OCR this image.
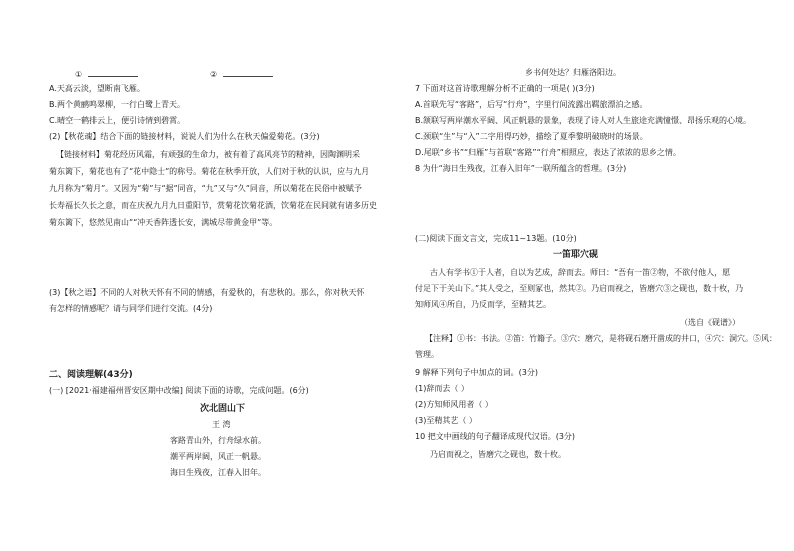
①	②
A.天高云淡，望断南飞雁。
B.两个黄鹂鸣翠柳，一行白鹭上青天。
C.晴空一鹤排云上，便引诗情到碧霄。
(2)【秋花魂】结合下面的链接材料，说说人们为什么在秋天偏爱菊花。(3分)
【链接材料】菊花经历风霜，有顽强的生命力，被有着了高风亮节的精神，因陶渊明采
菊东篱下，菊花也有了“花中隐士”的称号。菊花在秋季开放，人们对于秋的认识，应与九月
九月称为“菊月”。又因为“菊”与“据”同音，“九”又与“久”同音，所以菊花在民俗中被赋予
长寿福长久长之意，而在庆祝九月九日重阳节，赏菊花饮菊花酒，饮菊花在民间就有诸多历史
菊东篱下，悠然见南山”“冲天香阵透长安，满城尽带黄金甲”等。
(3)【秋之语】不同的人对秋天怀有不同的情感，有爱秋的，有悲秋的。那么，你对秋天怀
有怎样的情感呢？请与同学们进行交流。(4分)
二、阅读理解(43分)
(一) [2021·福建福州晋安区期中改编] 阅读下面的诗歌，完成问题。(6分)
次北固山下
王 湾
客路青山外，行舟绿水前。
潮平两岸阔，风正一帆悬。
海日生残夜，江春入旧年。
乡书何处达？归雁洛阳边。
7 下面对这首诗歌理解分析不正确的一项是( )(3分)
A.首联先写“客路”，后写“行舟”，字里行间流露出羁旅漂泊之感。
B.颔联写两岸潮水平阔、风正帆悬的景象，表现了诗人对人生旅途充满憧憬、昂扬乐观的心境。
C.颈联“生”与“入”二字用得巧妙，描绘了夏季黎明破晓时的场景。
D.尾联“乡书”“归雁”与首联“客路”“行舟”相照应，表达了浓浓的思乡之情。
8 为什“海日生残夜，江春入旧年”一联所蕴含的哲理。(3分)
(二)阅读下面文言文，完成11~13题。(10分)
一笛耶穴砚
古人有学书①于人者，自以为艺成，辞而去。师曰：“吾有一笛②物，不欲付他人，愿
付足下于关山下。”其人受之，至则冢也，然其②。乃启而视之，皆磨穴③之砚也，数十枚，乃
知师风④所自，乃反而学，至精其艺。
（选自《砚谱》）
【注释】①书：书法。②笛：竹籍子。③穴：磨穴，是将砚石磨开凿成的井口，④穴：洞穴。⑤风：
管理。
9 解释下列句子中加点的词。(3分)
(1)辞而去（ ）
(2)方知师风用者（ ）
(3)至精其艺（ ）
10 把文中画线的句子翻译成现代汉语。(3分)
乃启而视之，皆磨穴之砚也，数十枚。
